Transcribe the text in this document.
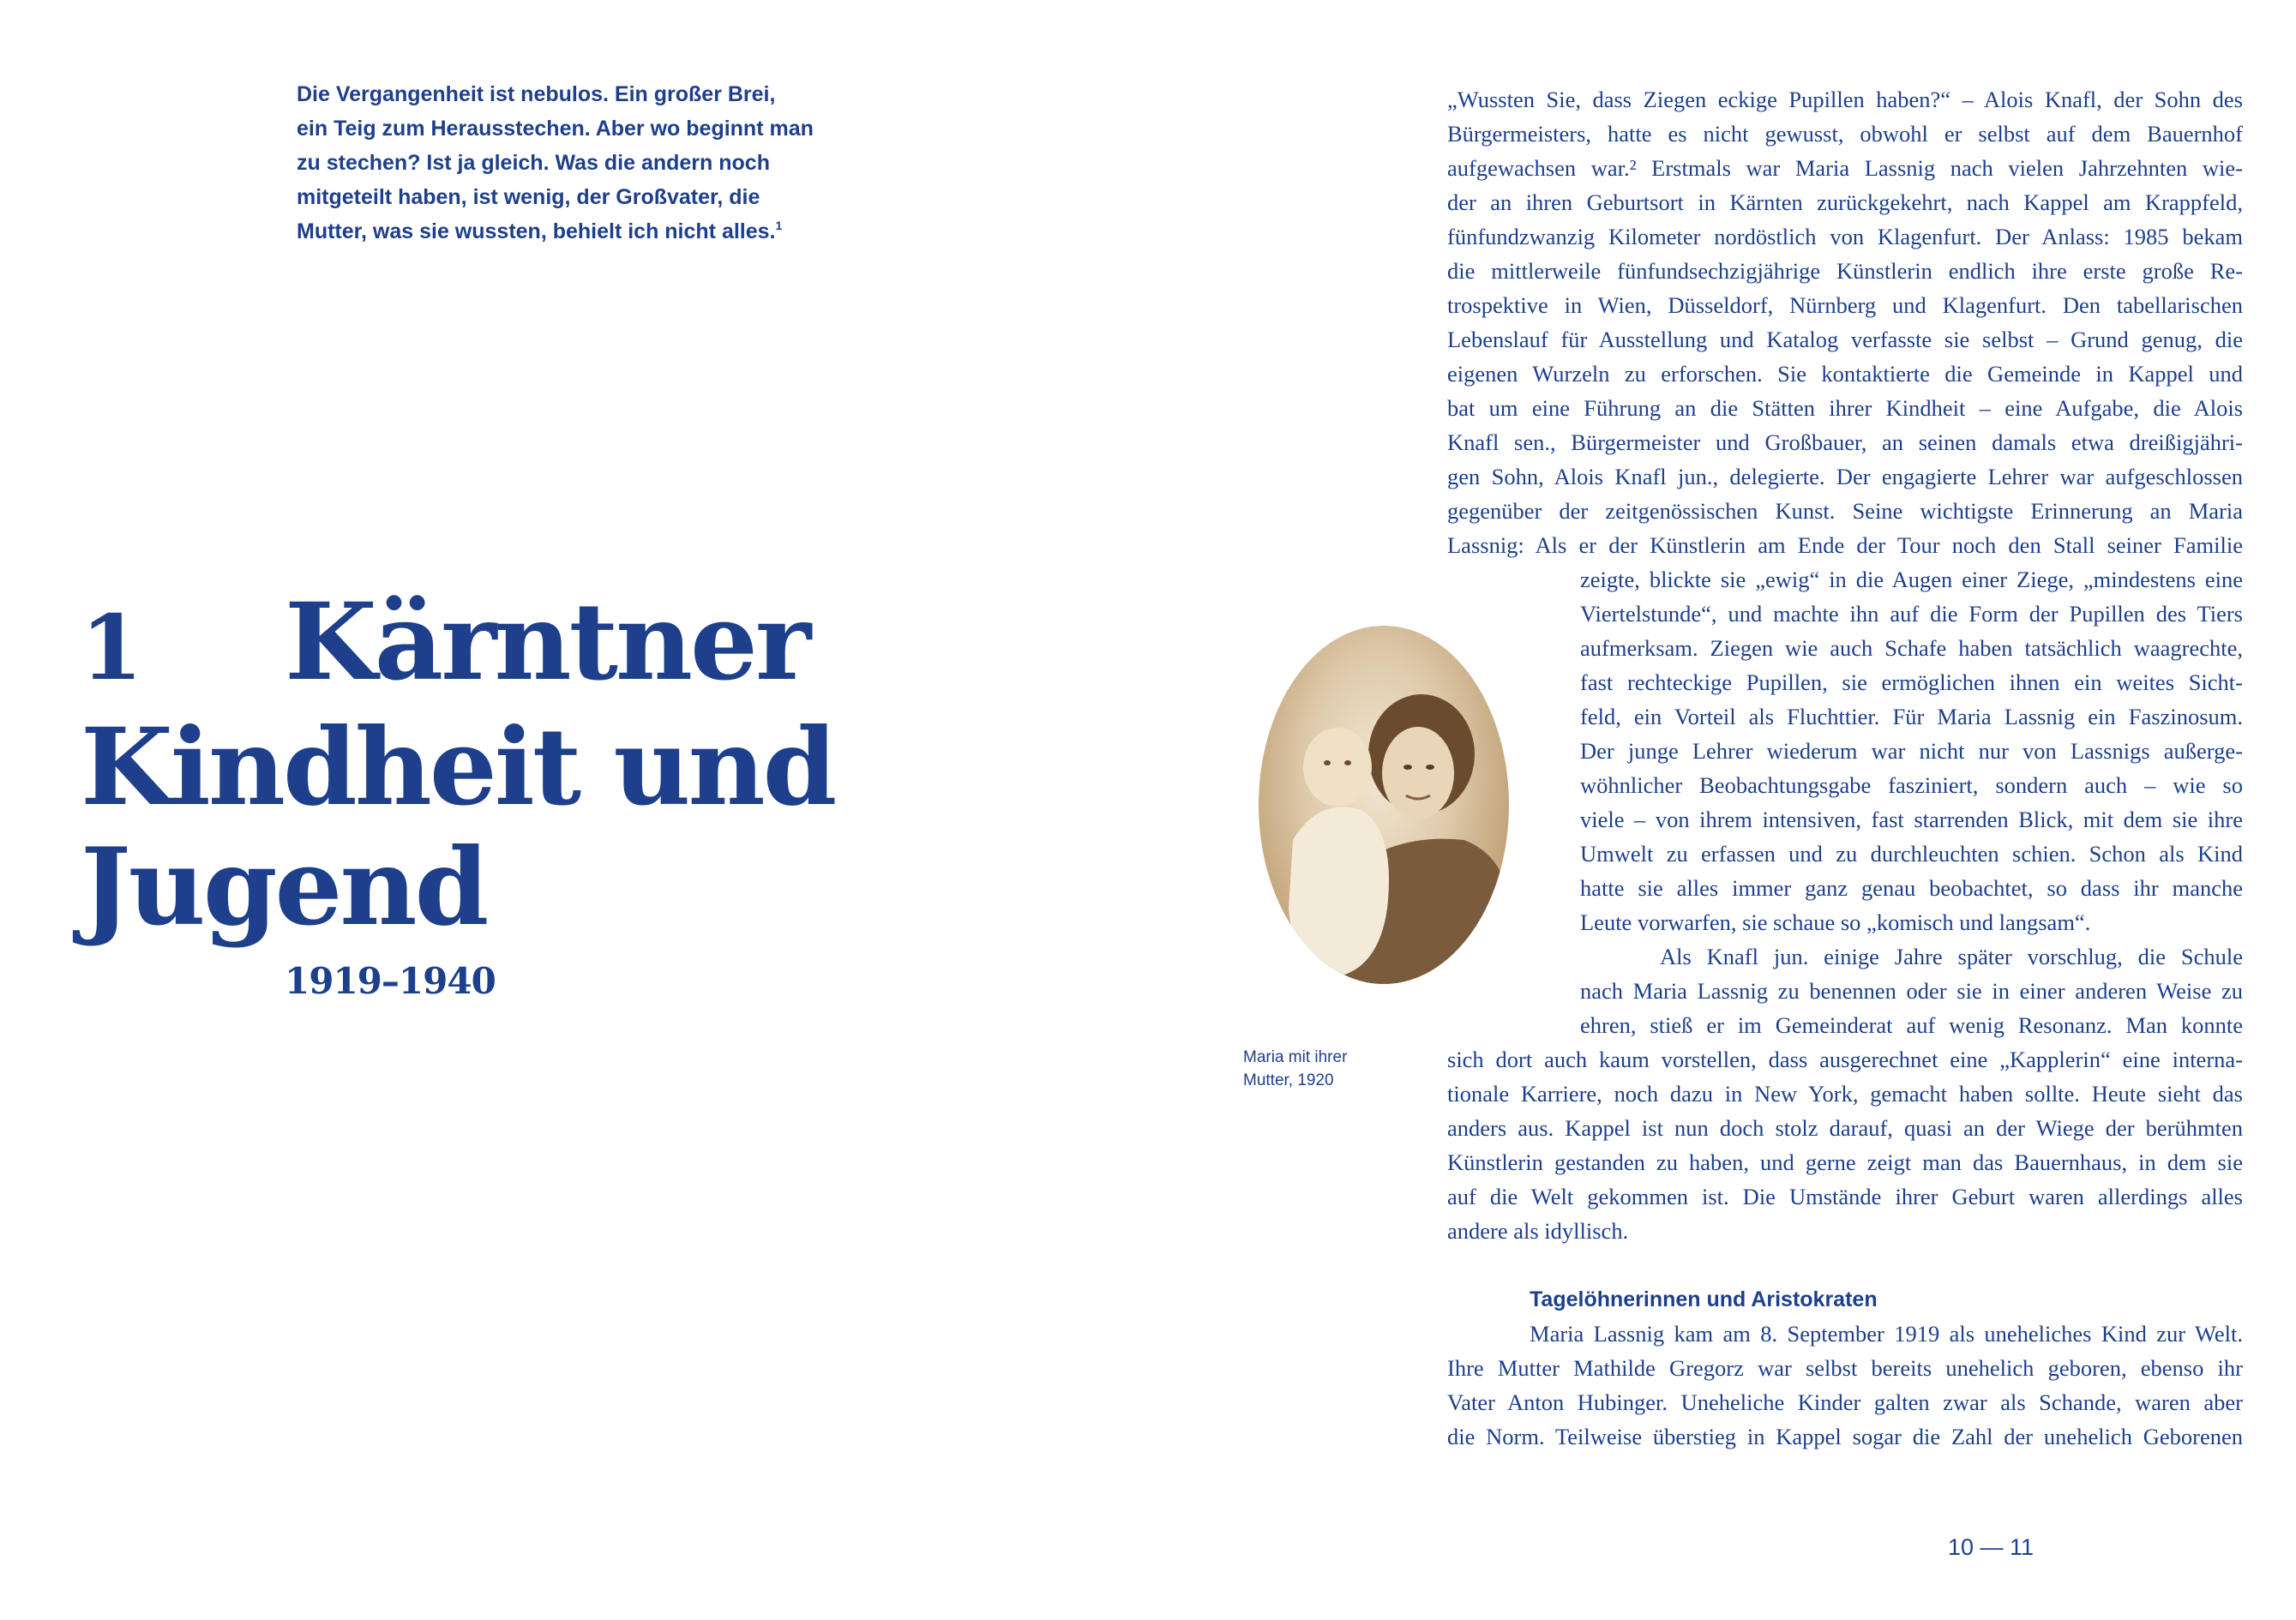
Die Vergangenheit ist nebulos. Ein großer Brei,
ein Teig zum Herausstechen. Aber wo beginnt man
zu stechen? Ist ja gleich. Was die andern noch
mitgeteilt haben, ist wenig, der Großvater, die
Mutter, was sie wussten, behielt ich nicht alles.$^1$
1 Kärntner
Kindheit und
Jugend
1919–1940
Maria mit ihrer
Mutter, 1920
„Wussten Sie, dass Ziegen eckige Pupillen haben?“ – Alois Knafl, der Sohn des
Bürgermeisters, hatte es nicht gewusst, obwohl er selbst auf dem Bauernhof
aufgewachsen war.² Erstmals war Maria Lassnig nach vielen Jahrzehnten wie-
der an ihren Geburtsort in Kärnten zurückgekehrt, nach Kappel am Krappfeld,
fünfundzwanzig Kilometer nordöstlich von Klagenfurt. Der Anlass: 1985 bekam
die mittlerweile fünfundsechzigjährige Künstlerin endlich ihre erste große Re-
trospektive in Wien, Düsseldorf, Nürnberg und Klagenfurt. Den tabellarischen
Lebenslauf für Ausstellung und Katalog verfasste sie selbst – Grund genug, die
eigenen Wurzeln zu erforschen. Sie kontaktierte die Gemeinde in Kappel und
bat um eine Führung an die Stätten ihrer Kindheit – eine Aufgabe, die Alois
Knafl sen., Bürgermeister und Großbauer, an seinen damals etwa dreißigjähri-
gen Sohn, Alois Knafl jun., delegierte. Der engagierte Lehrer war aufgeschlossen
gegenüber der zeitgenössischen Kunst. Seine wichtigste Erinnerung an Maria
Lassnig: Als er der Künstlerin am Ende der Tour noch den Stall seiner Familie
zeigte, blickte sie „ewig“ in die Augen einer Ziege, „mindestens eine
Viertelstunde“, und machte ihn auf die Form der Pupillen des Tiers
aufmerksam. Ziegen wie auch Schafe haben tatsächlich waagrechte,
fast rechteckige Pupillen, sie ermöglichen ihnen ein weites Sicht-
feld, ein Vorteil als Fluchttier. Für Maria Lassnig ein Faszinosum.
Der junge Lehrer wiederum war nicht nur von Lassnigs außerge-
wöhnlicher Beobachtungsgabe fasziniert, sondern auch – wie so
viele – von ihrem intensiven, fast starrenden Blick, mit dem sie ihre
Umwelt zu erfassen und zu durchleuchten schien. Schon als Kind
hatte sie alles immer ganz genau beobachtet, so dass ihr manche
Leute vorwarfen, sie schaue so „komisch und langsam“.
Als Knafl jun. einige Jahre später vorschlug, die Schule
nach Maria Lassnig zu benennen oder sie in einer anderen Weise zu
ehren, stieß er im Gemeinderat auf wenig Resonanz. Man konnte
sich dort auch kaum vorstellen, dass ausgerechnet eine „Kapplerin“ eine interna-
tionale Karriere, noch dazu in New York, gemacht haben sollte. Heute sieht das
anders aus. Kappel ist nun doch stolz darauf, quasi an der Wiege der berühmten
Künstlerin gestanden zu haben, und gerne zeigt man das Bauernhaus, in dem sie
auf die Welt gekommen ist. Die Umstände ihrer Geburt waren allerdings alles
andere als idyllisch.
Tagelöhnerinnen und Aristokraten
Maria Lassnig kam am 8. September 1919 als uneheliches Kind zur Welt.
Ihre Mutter Mathilde Gregorz war selbst bereits unehelich geboren, ebenso ihr
Vater Anton Hubinger. Uneheliche Kinder galten zwar als Schande, waren aber
die Norm. Teilweise überstieg in Kappel sogar die Zahl der unehelich Geborenen
10 — 11
